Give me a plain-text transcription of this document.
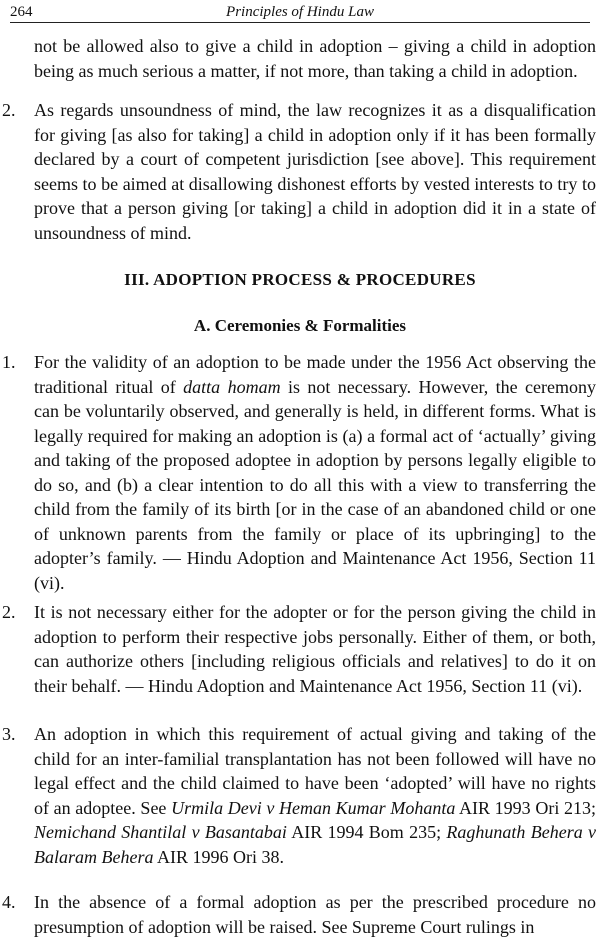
264	Principles of Hindu Law

not be allowed also to give a child in adoption – giving a child in adoption being as much serious a matter, if not more, than taking a child in adoption.

2.	As regards unsoundness of mind, the law recognizes it as a disqualification for giving [as also for taking] a child in adoption only if it has been formally declared by a court of competent jurisdiction [see above]. This requirement seems to be aimed at disallowing dishonest efforts by vested interests to try to prove that a person giving [or taking] a child in adoption did it in a state of unsoundness of mind.

III. ADOPTION PROCESS & PROCEDURES
A. Ceremonies & Formalities
1.	For the validity of an adoption to be made under the 1956 Act observing the traditional ritual of datta homam is not necessary. However, the ceremony can be voluntarily observed, and generally is held, in different forms. What is legally required for making an adoption is (a) a formal act of ‘actually’ giving and taking of the proposed adoptee in adoption by persons legally eligible to do so, and (b) a clear intention to do all this with a view to transferring the child from the family of its birth [or in the case of an abandoned child or one of unknown parents from the family or place of its upbringing] to the adopter’s family. — Hindu Adoption and Maintenance Act 1956, Section 11 (vi).

2.	It is not necessary either for the adopter or for the person giving the child in adoption to perform their respective jobs personally. Either of them, or both, can authorize others [including religious officials and relatives] to do it on their behalf. — Hindu Adoption and Maintenance Act 1956, Section 11 (vi).

3.	An adoption in which this requirement of actual giving and taking of the child for an inter-familial transplantation has not been followed will have no legal effect and the child claimed to have been ‘adopted’ will have no rights of an adoptee. See Urmila Devi v Heman Kumar Mohanta AIR 1993 Ori 213; Nemichand Shantilal v Basantabai AIR 1994 Bom 235; Raghunath Behera v Balaram Behera AIR 1996 Ori 38.

4.	In the absence of a formal adoption as per the prescribed procedure no presumption of adoption will be raised. See Supreme Court rulings in
